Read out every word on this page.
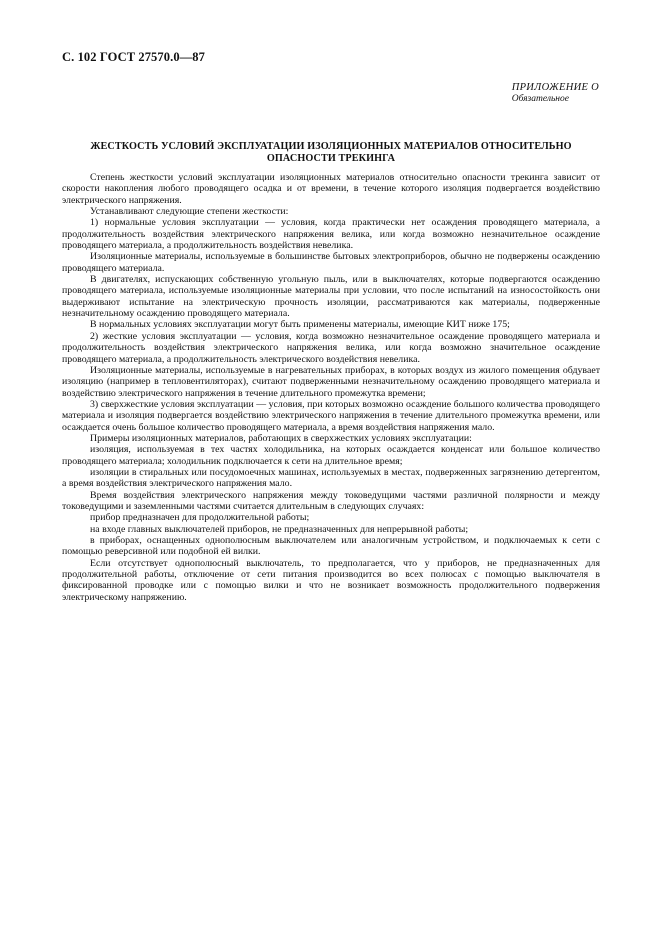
С. 102 ГОСТ 27570.0—87
ПРИЛОЖЕНИЕ О
Обязательное
ЖЕСТКОСТЬ УСЛОВИЙ ЭКСПЛУАТАЦИИ ИЗОЛЯЦИОННЫХ МАТЕРИАЛОВ ОТНОСИТЕЛЬНО
ОПАСНОСТИ ТРЕКИНГА

Степень жесткости условий эксплуатации изоляционных материалов относительно опасности трекинга зависит от скорости накопления любого проводящего осадка и от времени, в течение которого изоляция подвергается воздействию электрического напряжения.

Устанавливают следующие степени жесткости:

1) нормальные условия эксплуатации — условия, когда практически нет осаждения проводящего материала, а продолжительность воздействия электрического напряжения велика, или когда возможно незначительное осаждение проводящего материала, а продолжительность воздействия невелика.

Изоляционные материалы, используемые в большинстве бытовых электроприборов, обычно не подвержены осаждению проводящего материала.

В двигателях, испускающих собственную угольную пыль, или в выключателях, которые подвергаются осаждению проводящего материала, используемые изоляционные материалы при условии, что после испытаний на износостойкость они выдерживают испытание на электрическую прочность изоляции, рассматриваются как материалы, подверженные незначительному осаждению проводящего материала.

В нормальных условиях эксплуатации могут быть применены материалы, имеющие КИТ ниже 175;

2) жесткие условия эксплуатации — условия, когда возможно незначительное осаждение проводящего материала и продолжительность воздействия электрического напряжения велика, или когда возможно значительное осаждение проводящего материала, а продолжительность электрического воздействия невелика.

Изоляционные материалы, используемые в нагревательных приборах, в которых воздух из жилого помещения обдувает изоляцию (например в тепловентиляторах), считают подверженными незначительному осаждению проводящего материала и воздействию электрического напряжения в течение длительного промежутка времени;

3) сверхжесткие условия эксплуатации — условия, при которых возможно осаждение большого количества проводящего материала и изоляция подвергается воздействию электрического напряжения в течение длительного промежутка времени, или осаждается очень большое количество проводящего материала, а время воздействия напряжения мало.

Примеры изоляционных материалов, работающих в сверхжестких условиях эксплуатации:

изоляция, используемая в тех частях холодильника, на которых осаждается конденсат или большое количество проводящего материала; холодильник подключается к сети на длительное время;

изоляции в стиральных или посудомоечных машинах, используемых в местах, подверженных загрязнению детергентом, а время воздействия электрического напряжения мало.

Время воздействия электрического напряжения между токоведущими частями различной полярности и между токоведущими и заземленными частями считается длительным в следующих случаях:

прибор предназначен для продолжительной работы;

на входе главных выключателей приборов, не предназначенных для непрерывной работы;

в приборах, оснащенных однополюсным выключателем или аналогичным устройством, и подключаемых к сети с помощью реверсивной или подобной ей вилки.

Если отсутствует однополюсный выключатель, то предполагается, что у приборов, не предназначенных для продолжительной работы, отключение от сети питания производится во всех полюсах с помощью выключателя в фиксированной проводке или с помощью вилки и что не возникает возможность продолжительного подвержения электрическому напряжению.
